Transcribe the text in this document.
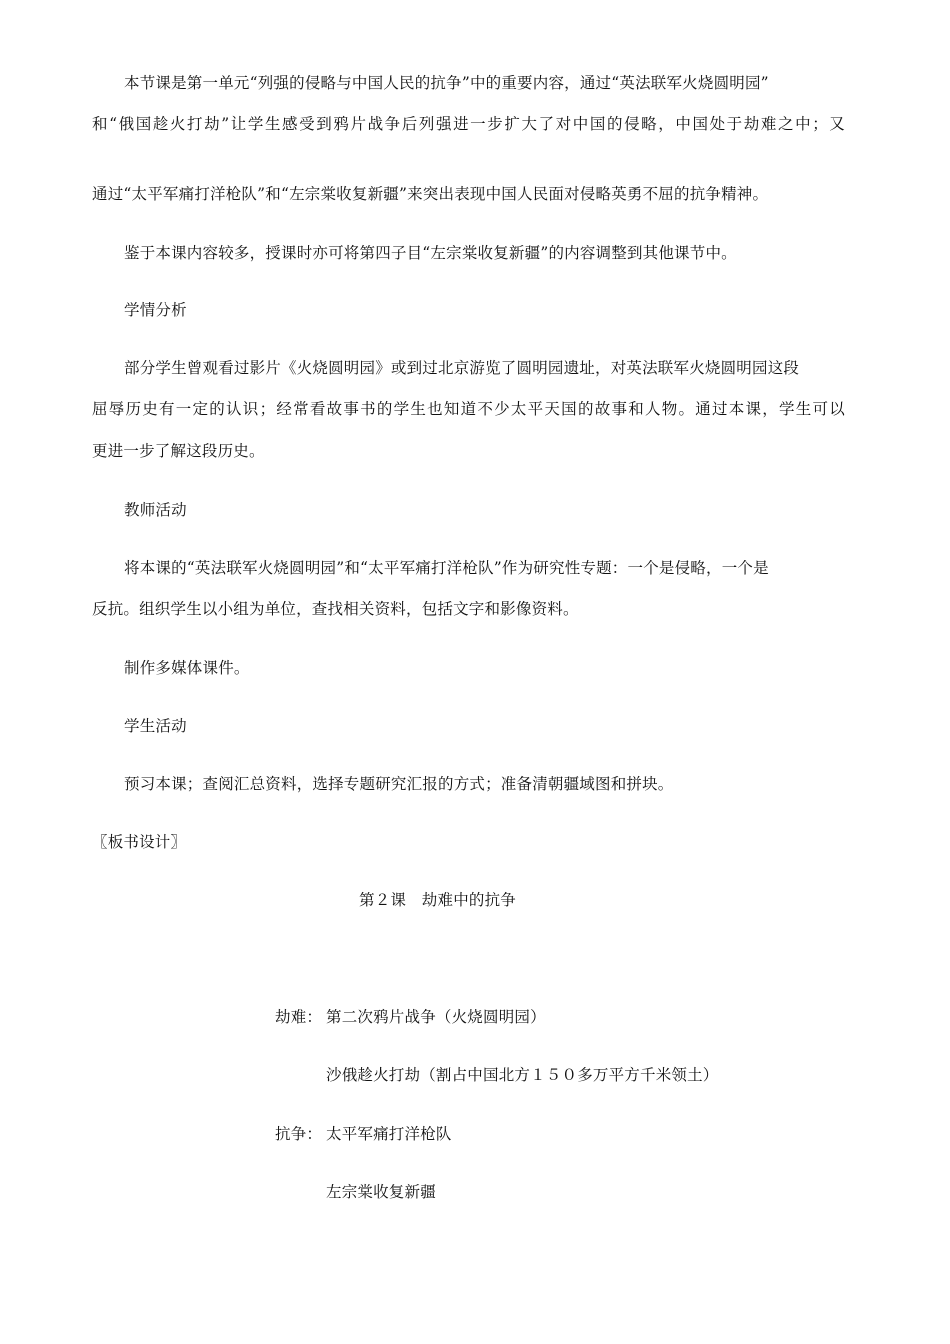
本节课是第一单元“列强的侵略与中国人民的抗争”中的重要内容，通过“英法联军火烧圆明园”
和“俄国趁火打劫”让学生感受到鸦片战争后列强进一步扩大了对中国的侵略，中国处于劫难之中；又
通过“太平军痛打洋枪队”和“左宗棠收复新疆”来突出表现中国人民面对侵略英勇不屈的抗争精神。
鉴于本课内容较多，授课时亦可将第四子目“左宗棠收复新疆”的内容调整到其他课节中。
学情分析
部分学生曾观看过影片《火烧圆明园》或到过北京游览了圆明园遗址，对英法联军火烧圆明园这段
屈辱历史有一定的认识；经常看故事书的学生也知道不少太平天国的故事和人物。通过本课，学生可以
更进一步了解这段历史。
教师活动
将本课的“英法联军火烧圆明园”和“太平军痛打洋枪队”作为研究性专题：一个是侵略，一个是
反抗。组织学生以小组为单位，查找相关资料，包括文字和影像资料。
制作多媒体课件。
学生活动
预习本课；查阅汇总资料，选择专题研究汇报的方式；准备清朝疆域图和拼块。
〖板书设计〗
第２课　劫难中的抗争
劫难： 第二次鸦片战争（火烧圆明园）
沙俄趁火打劫（割占中国北方１５０多万平方千米领土）
抗争： 太平军痛打洋枪队
左宗棠收复新疆
